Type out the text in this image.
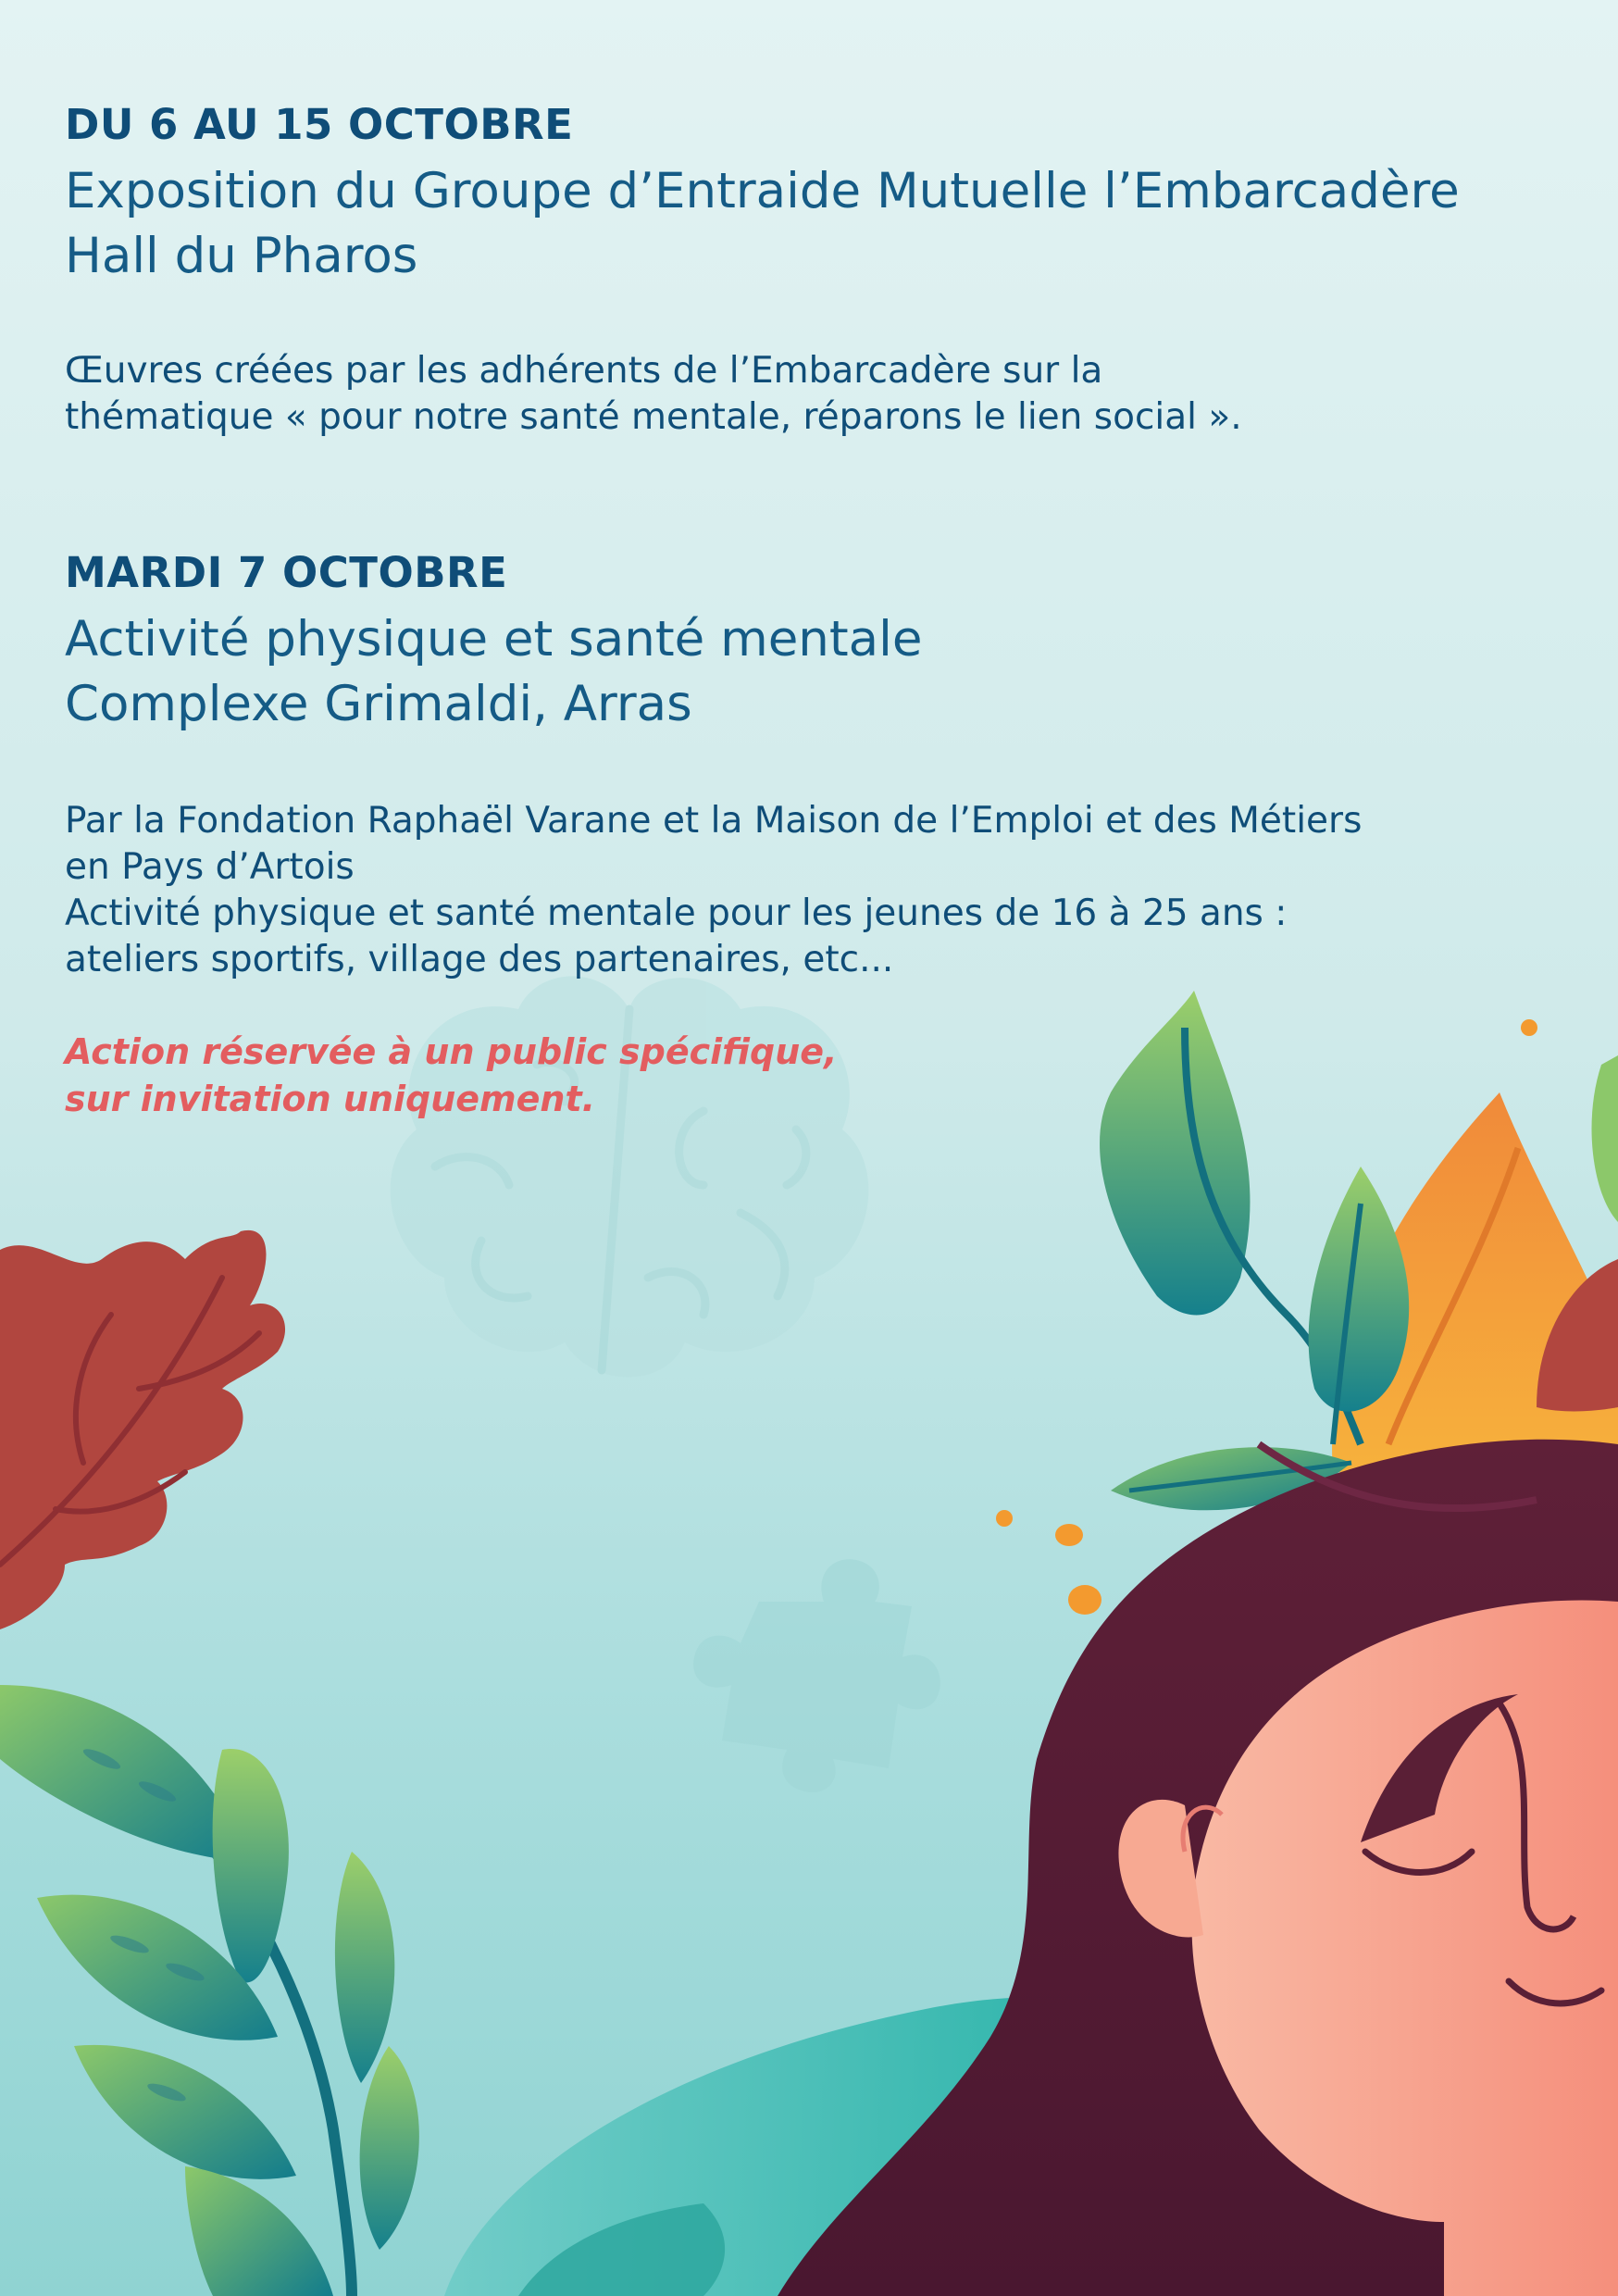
DU 6 AU 15 OCTOBRE
Exposition du Groupe d’Entraide Mutuelle l’Embarcadère
Hall du Pharos
Œuvres créées par les adhérents de l’Embarcadère sur la
thématique « pour notre santé mentale, réparons le lien social ».
MARDI 7 OCTOBRE
Activité physique et santé mentale
Complexe Grimaldi, Arras
Par la Fondation Raphaël Varane et la Maison de l’Emploi et des Métiers
en Pays d’Artois
Activité physique et santé mentale pour les jeunes de 16 à 25 ans :
ateliers sportifs, village des partenaires, etc...
Action réservée à un public spécifique,
sur invitation uniquement.
